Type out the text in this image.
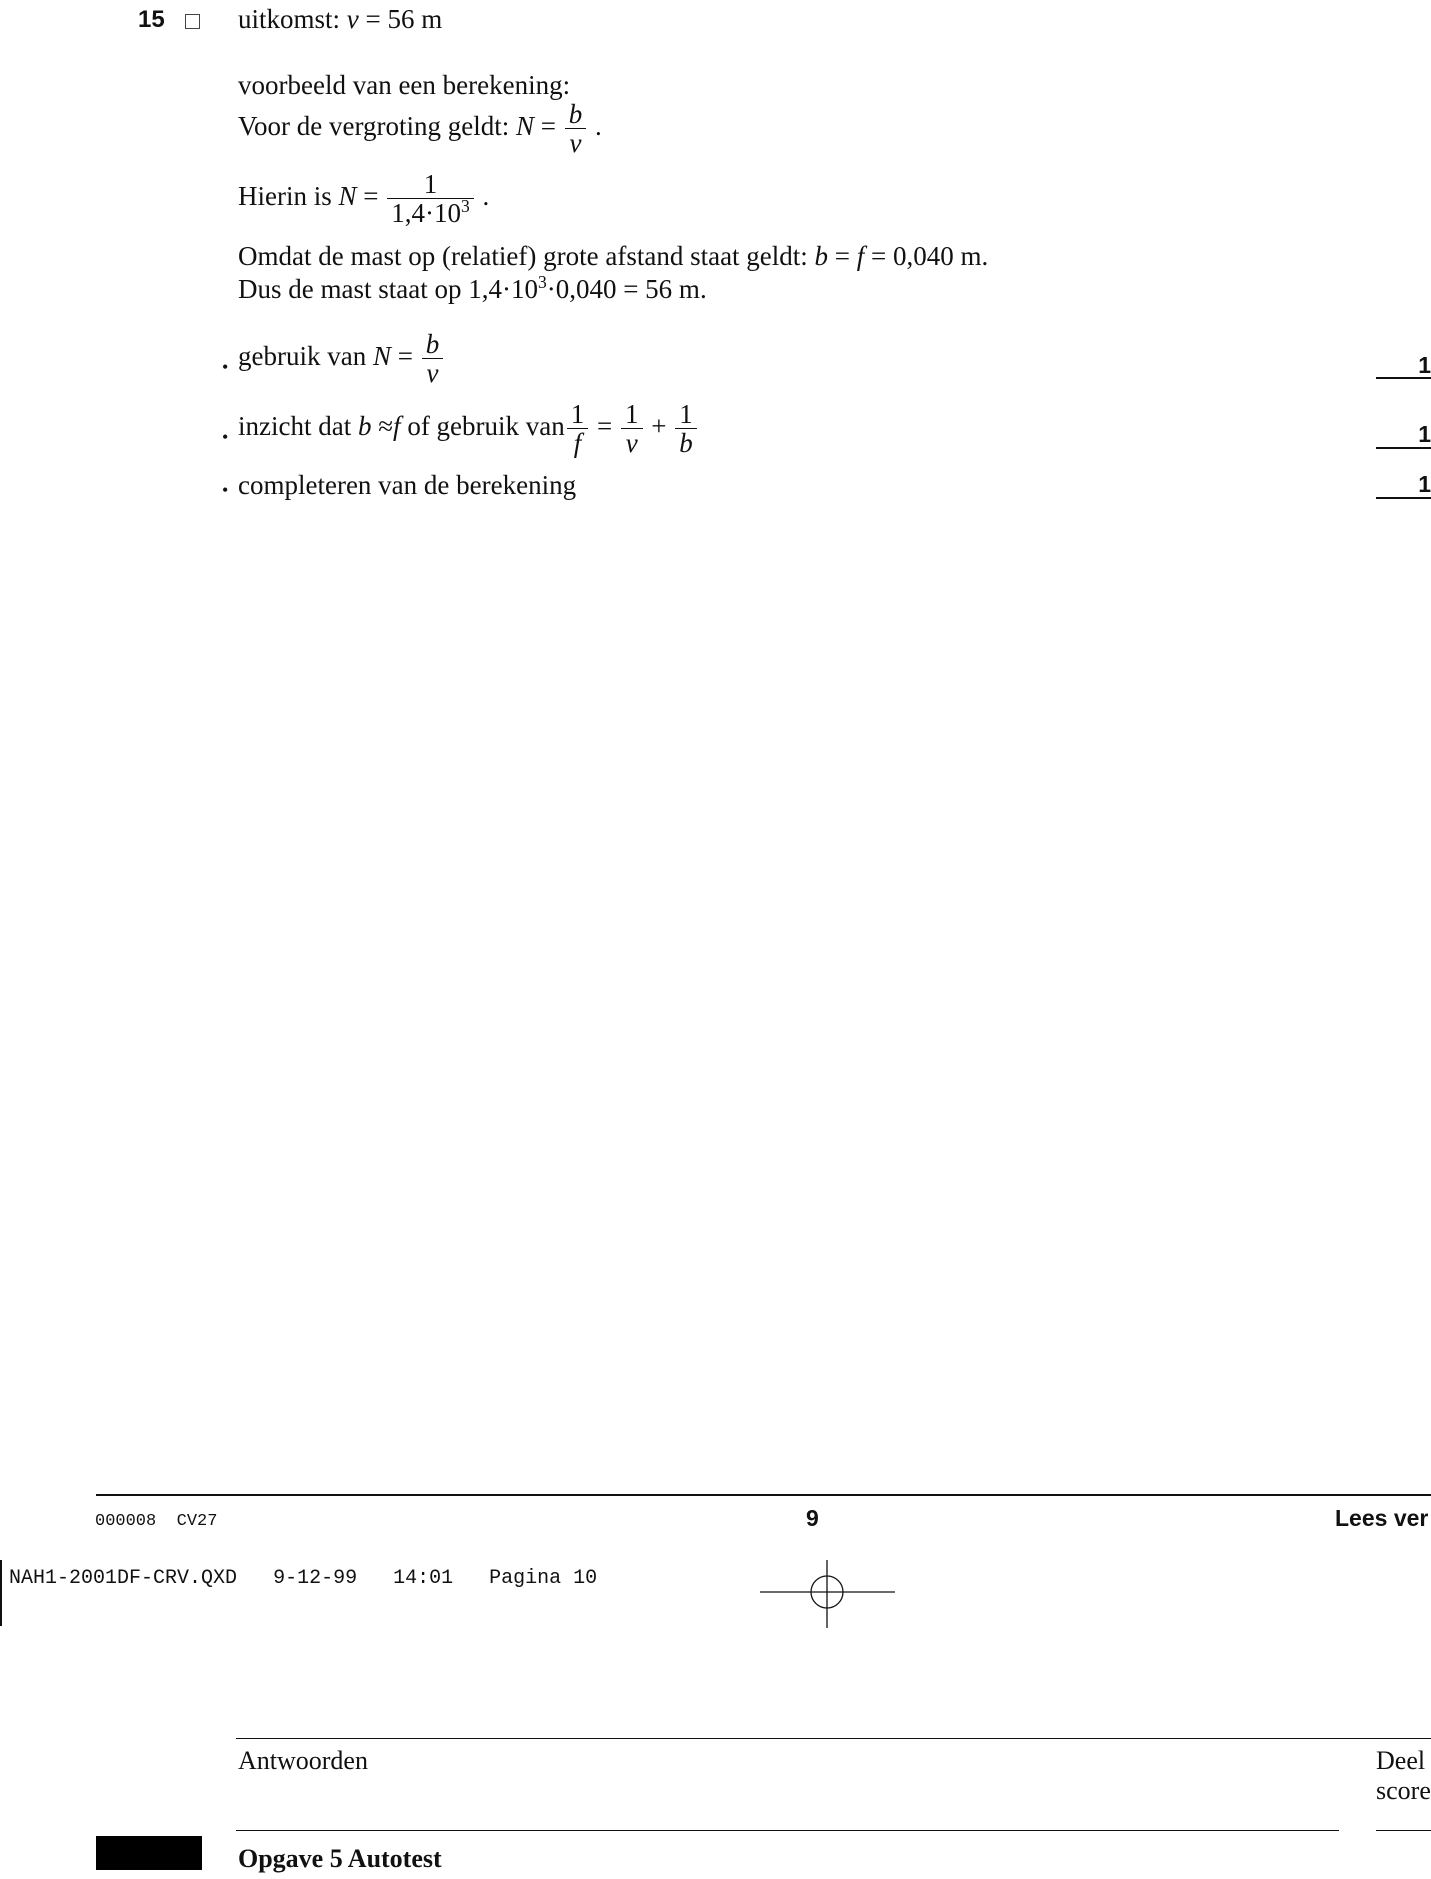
15	uitkomst: v = 56 m
voorbeeld van een berekening:
Voor de vergroting geldt: $N = \frac{b}{v}$ .
Hierin is $N = \frac{1}{1,4\cdot 10^3}$ .
Omdat de mast op (relatief) grote afstand staat geldt: b = f = 0,040 m.
Dus de mast staat op $1,4\cdot 10^3\cdot 0,040 = 56$ m.
• gebruik van $N = \frac{b}{v}$	1
• inzicht dat b ≈f of gebruik van $\frac{1}{f} = \frac{1}{v} + \frac{1}{b}$	1
• completeren van de berekening	1
000008  CV27	9	Lees ver
NAH1-2001DF-CRV.QXD 9-12-99 14:01 Pagina 10
Antwoorden	Deel
score
Opgave 5 Autotest
